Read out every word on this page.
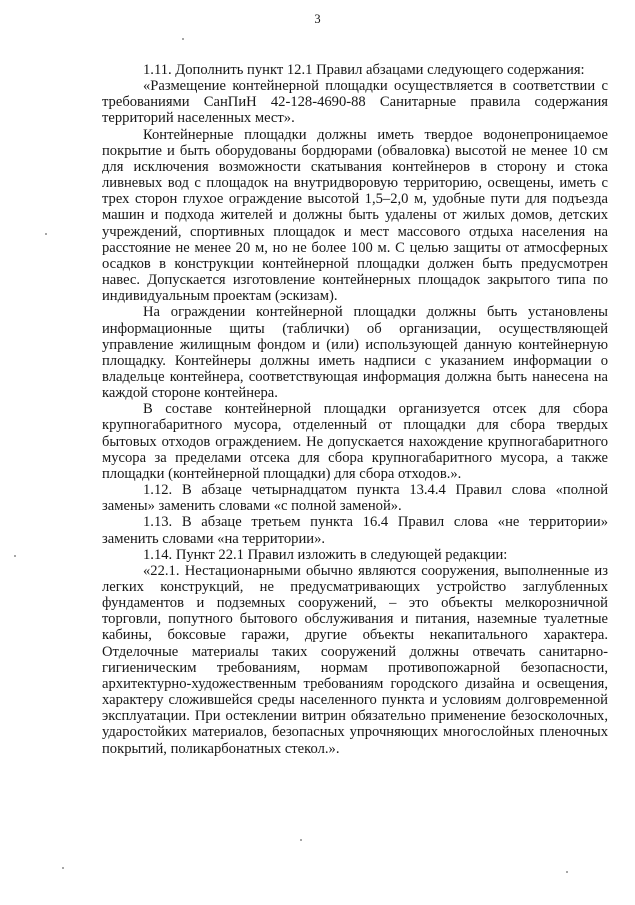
3

1.11. Дополнить пункт 12.1 Правил абзацами следующего содержания:

«Размещение контейнерной площадки осуществляется в соответствии с требованиями СанПиН 42-128-4690-88 Санитарные правила содержания территорий населенных мест».

Контейнерные площадки должны иметь твердое водонепроницаемое покрытие и быть оборудованы бордюрами (обваловка) высотой не менее 10 см для исключения возможности скатывания контейнеров в сторону и стока ливневых вод с площадок на внутридворовую территорию, освещены, иметь с трех сторон глухое ограждение высотой 1,5–2,0 м, удобные пути для подъезда машин и подхода жителей и должны быть удалены от жилых домов, детских учреждений, спортивных площадок и мест массового отдыха населения на расстояние не менее 20 м, но не более 100 м. С целью защиты от атмосферных осадков в конструкции контейнерной площадки должен быть предусмотрен навес. Допускается изготовление контейнерных площадок закрытого типа по индивидуальным проектам (эскизам).

На ограждении контейнерной площадки должны быть установлены информационные щиты (таблички) об организации, осуществляющей управление жилищным фондом и (или) использующей данную контейнерную площадку. Контейнеры должны иметь надписи с указанием информации о владельце контейнера, соответствующая информация должна быть нанесена на каждой стороне контейнера.

В составе контейнерной площадки организуется отсек для сбора крупногабаритного мусора, отделенный от площадки для сбора твердых бытовых отходов ограждением. Не допускается нахождение крупногабаритного мусора за пределами отсека для сбора крупногабаритного мусора, а также площадки (контейнерной площадки) для сбора отходов.».

1.12. В абзаце четырнадцатом пункта 13.4.4 Правил слова «полной замены» заменить словами «с полной заменой».

1.13. В абзаце третьем пункта 16.4 Правил слова «не территории» заменить словами «на территории».

1.14. Пункт 22.1 Правил изложить в следующей редакции:

«22.1. Нестационарными обычно являются сооружения, выполненные из легких конструкций, не предусматривающих устройство заглубленных фундаментов и подземных сооружений, – это объекты мелкорозничной торговли, попутного бытового обслуживания и питания, наземные туалетные кабины, боксовые гаражи, другие объекты некапитального характера. Отделочные материалы таких сооружений должны отвечать санитарно-гигиеническим требованиям, нормам противопожарной безопасности, архитектурно-художественным требованиям городского дизайна и освещения, характеру сложившейся среды населенного пункта и условиям долговременной эксплуатации. При остеклении витрин обязательно применение безосколочных, ударостойких материалов, безопасных упрочняющих многослойных пленочных покрытий, поликарбонатных стекол.».
